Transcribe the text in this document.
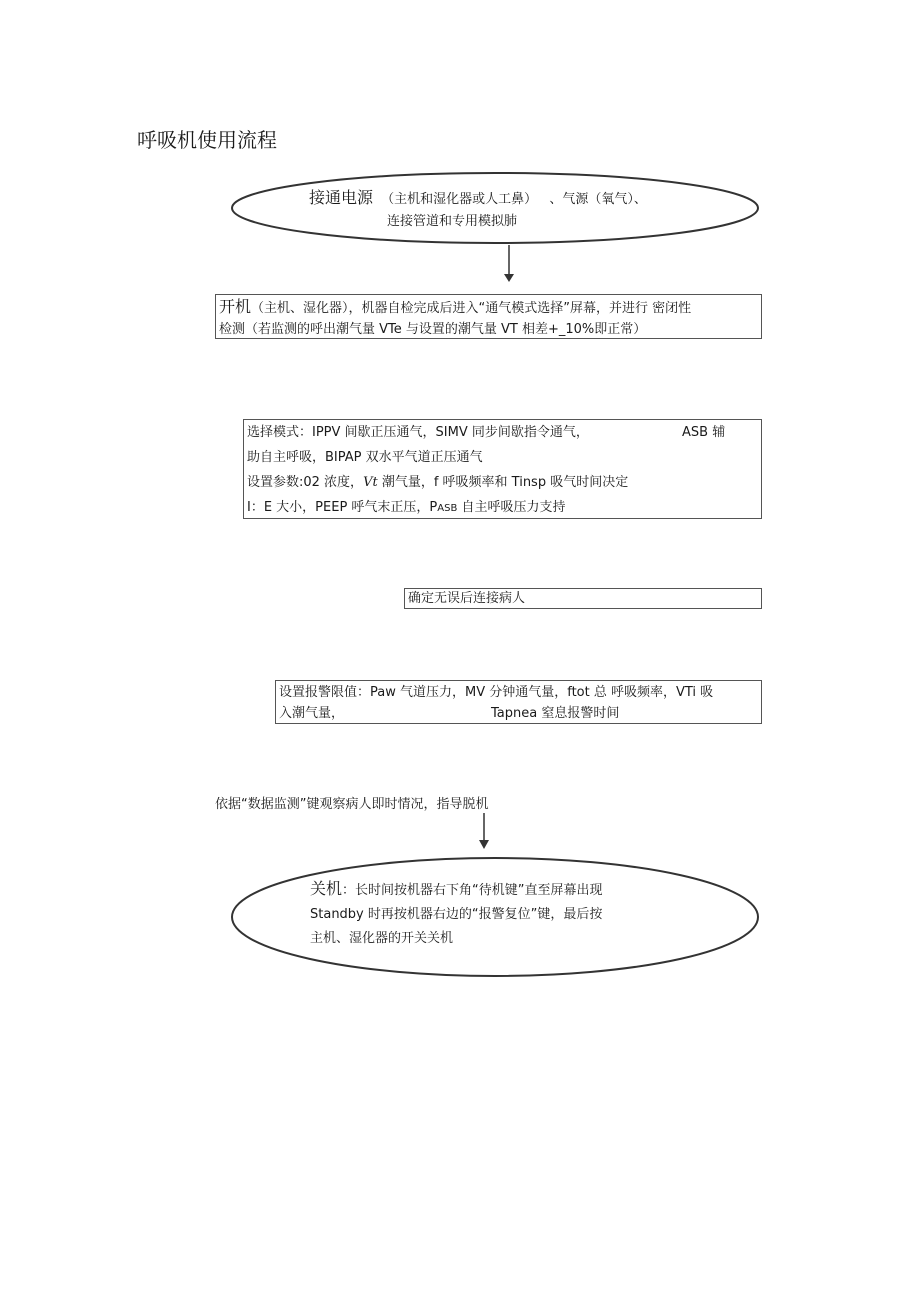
呼吸机使用流程
接通电源 （主机和湿化器或人工鼻） 、气源（氧气）、
连接管道和专用模拟肺
开机（主机、湿化器），机器自检完成后进入“通气模式选择”屏幕，并进行 密闭性
检测（若监测的呼出潮气量 VTe 与设置的潮气量 VT 相差+_10%即正常）
选择模式：IPPV 间歇正压通气，SIMV 同步间歇指令通气，	ASB 辅
助自主呼吸，BIPAP 双水平气道正压通气
设置参数:02 浓度，Vt 潮气量，f 呼吸频率和 Tinsp 吸气时间决定
I：E 大小，PEEP 呼气末正压，PASB 自主呼吸压力支持
确定无误后连接病人
设置报警限值：Paw 气道压力，MV 分钟通气量，ftot 总 呼吸频率，VTi 吸
入潮气量，	Tapnea 窒息报警时间
依据“数据监测”键观察病人即时情况，指导脱机
关机：长时间按机器右下角“待机键”直至屏幕出现
Standby 时再按机器右边的“报警复位”键，最后按
主机、湿化器的开关关机
